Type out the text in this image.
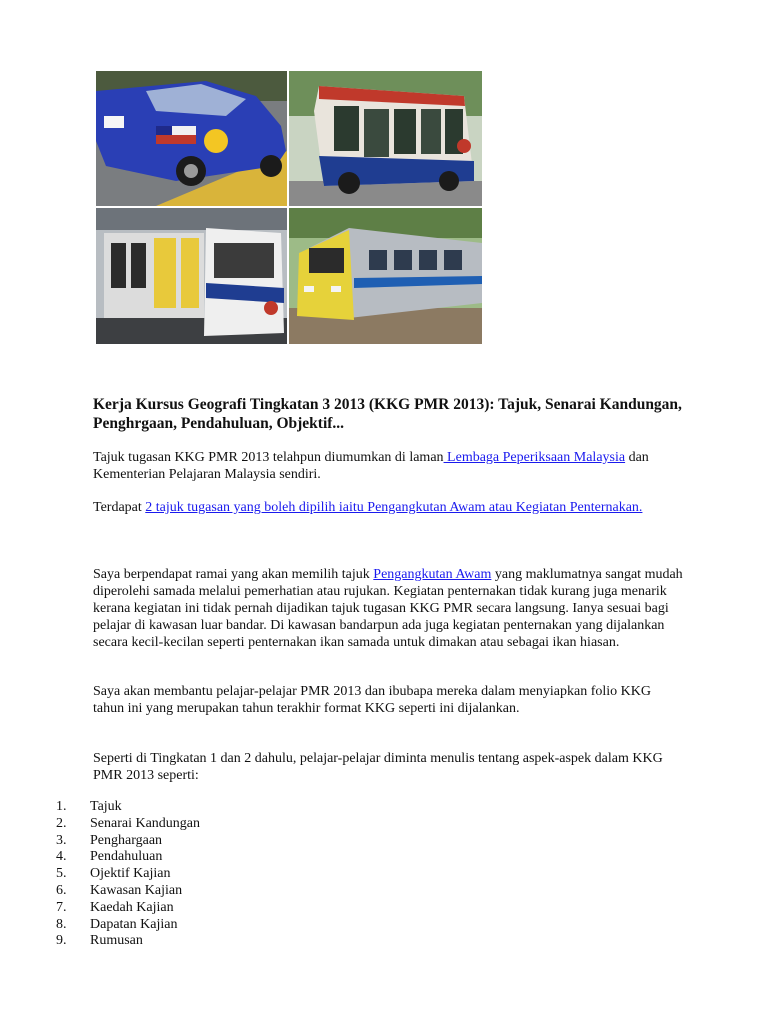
Kerja Kursus Geografi Tingkatan 3 2013 (KKG PMR 2013): Tajuk, Senarai Kandungan, Penghrgaan, Pendahuluan, Objektif...
Tajuk tugasan KKG PMR 2013 telahpun diumumkan di laman Lembaga Peperiksaan Malaysia dan Kementerian Pelajaran Malaysia sendiri.
Terdapat 2 tajuk tugasan yang boleh dipilih iaitu Pengangkutan Awam atau Kegiatan Penternakan.
Saya berpendapat ramai yang akan memilih tajuk Pengangkutan Awam yang maklumatnya sangat mudah diperolehi samada melalui pemerhatian atau rujukan. Kegiatan penternakan tidak kurang juga menarik kerana kegiatan ini tidak pernah dijadikan tajuk tugasan KKG PMR secara langsung. Ianya sesuai bagi pelajar di kawasan luar bandar. Di kawasan bandarpun ada juga kegiatan penternakan yang dijalankan secara kecil-kecilan seperti penternakan ikan samada untuk dimakan atau sebagai ikan hiasan.
Saya akan membantu pelajar-pelajar PMR 2013 dan ibubapa mereka dalam menyiapkan folio KKG tahun ini yang merupakan tahun terakhir format KKG seperti ini dijalankan.
Seperti di Tingkatan 1 dan 2 dahulu, pelajar-pelajar diminta menulis tentang aspek-aspek dalam KKG PMR 2013 seperti:
1. Tajuk
2. Senarai Kandungan
3. Penghargaan
4. Pendahuluan
5. Ojektif Kajian
6. Kawasan Kajian
7. Kaedah Kajian
8. Dapatan Kajian
9. Rumusan
